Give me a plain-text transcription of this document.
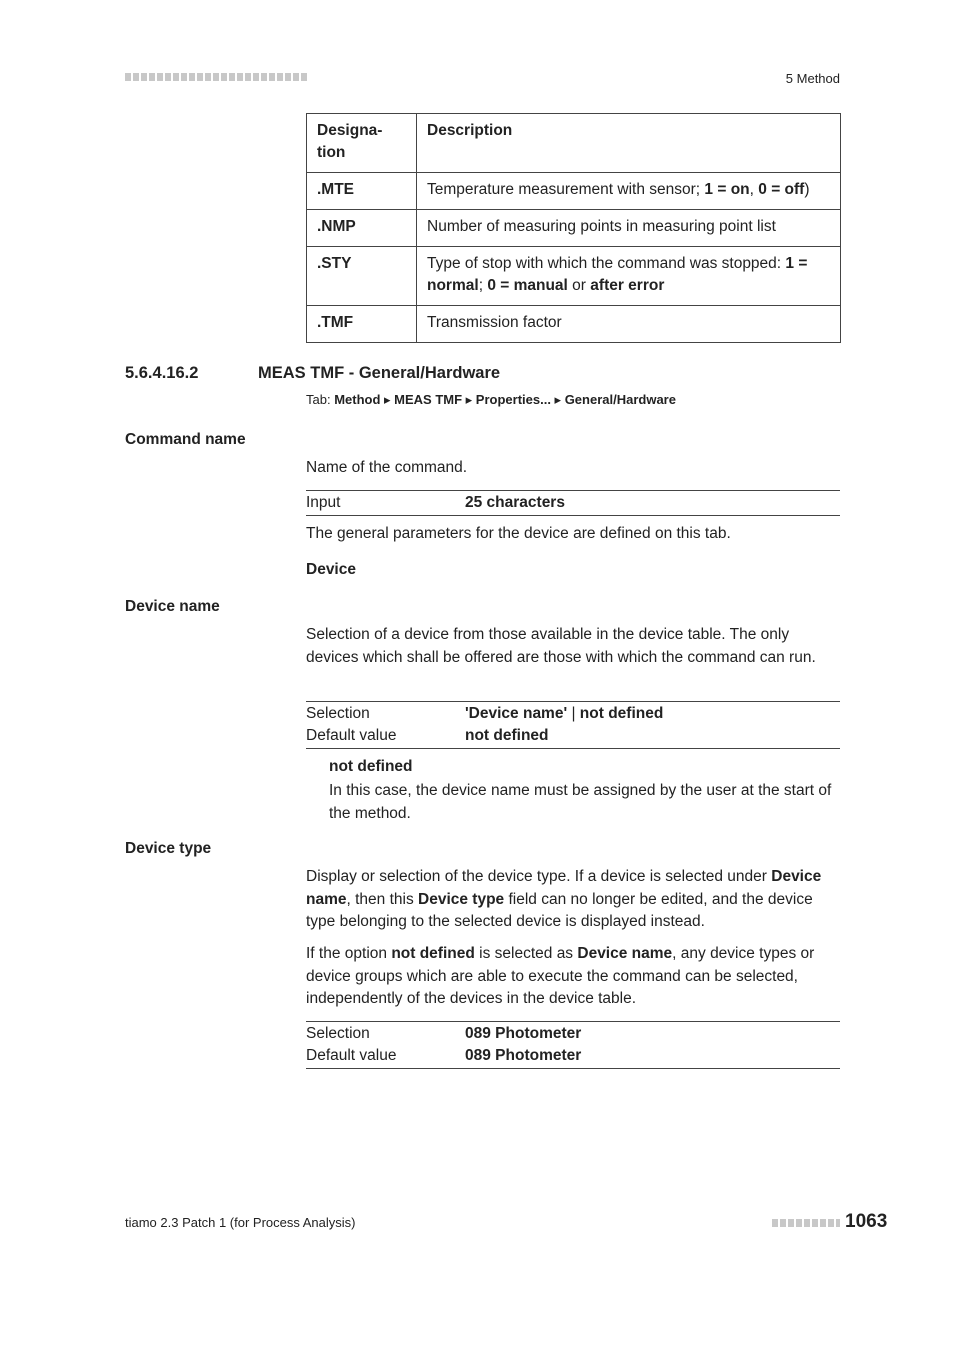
5 Method
Designa-
tion	Description
.MTE	Temperature measurement with sensor; 1 = on, 0 = off)
.NMP	Number of measuring points in measuring point list
.STY	Type of stop with which the command was stopped: 1 = normal; 0 = manual or after error
.TMF	Transmission factor
5.6.4.16.2	MEAS TMF - General/Hardware
Tab: Method ▸ MEAS TMF ▸ Properties... ▸ General/Hardware
Command name
Name of the command.
Input	25 characters
The general parameters for the device are defined on this tab.
Device
Device name
Selection of a device from those available in the device table. The only devices which shall be offered are those with which the command can run.
Selection	'Device name' | not defined
Default value	not defined
not defined
In this case, the device name must be assigned by the user at the start of the method.
Device type
Display or selection of the device type. If a device is selected under Device name, then this Device type field can no longer be edited, and the device type belonging to the selected device is displayed instead.
If the option not defined is selected as Device name, any device types or device groups which are able to execute the command can be selected, independently of the devices in the device table.
Selection	089 Photometer
Default value	089 Photometer
tiamo 2.3 Patch 1 (for Process Analysis)	1063
